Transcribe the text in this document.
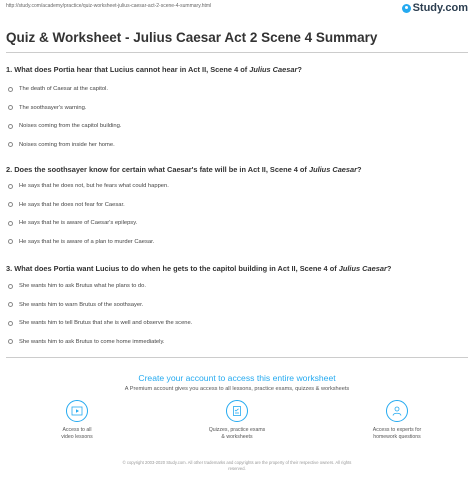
http://study.com/academy/practice/quiz-worksheet-julius-caesar-act-2-scene-4-summary.html	Study.com
Quiz & Worksheet - Julius Caesar Act 2 Scene 4 Summary
1. What does Portia hear that Lucius cannot hear in Act II, Scene 4 of Julius Caesar?
The death of Caesar at the capitol.
The soothsayer's warning.
Noises coming from the capitol building.
Noises coming from inside her home.
2. Does the soothsayer know for certain what Caesar's fate will be in Act II, Scene 4 of Julius Caesar?
He says that he does not, but he fears what could happen.
He says that he does not fear for Caesar.
He says that he is aware of Caesar's epilepsy.
He says that he is aware of a plan to murder Caesar.
3. What does Portia want Lucius to do when he gets to the capitol building in Act II, Scene 4 of Julius Caesar?
She wants him to ask Brutus what he plans to do.
She wants him to warn Brutus of the soothsayer.
She wants him to tell Brutus that she is well and observe the scene.
She wants him to ask Brutus to come home immediately.
Create your account to access this entire worksheet
A Premium account gives you access to all lessons, practice exams, quizzes & worksheets
Access to all
video lessons
Quizzes, practice exams
& worksheets
Access to experts for
homework questions
© copyright 2003-2020 Study.com. All other trademarks and copyrights are the property of their respective owners. All rights
reserved.
